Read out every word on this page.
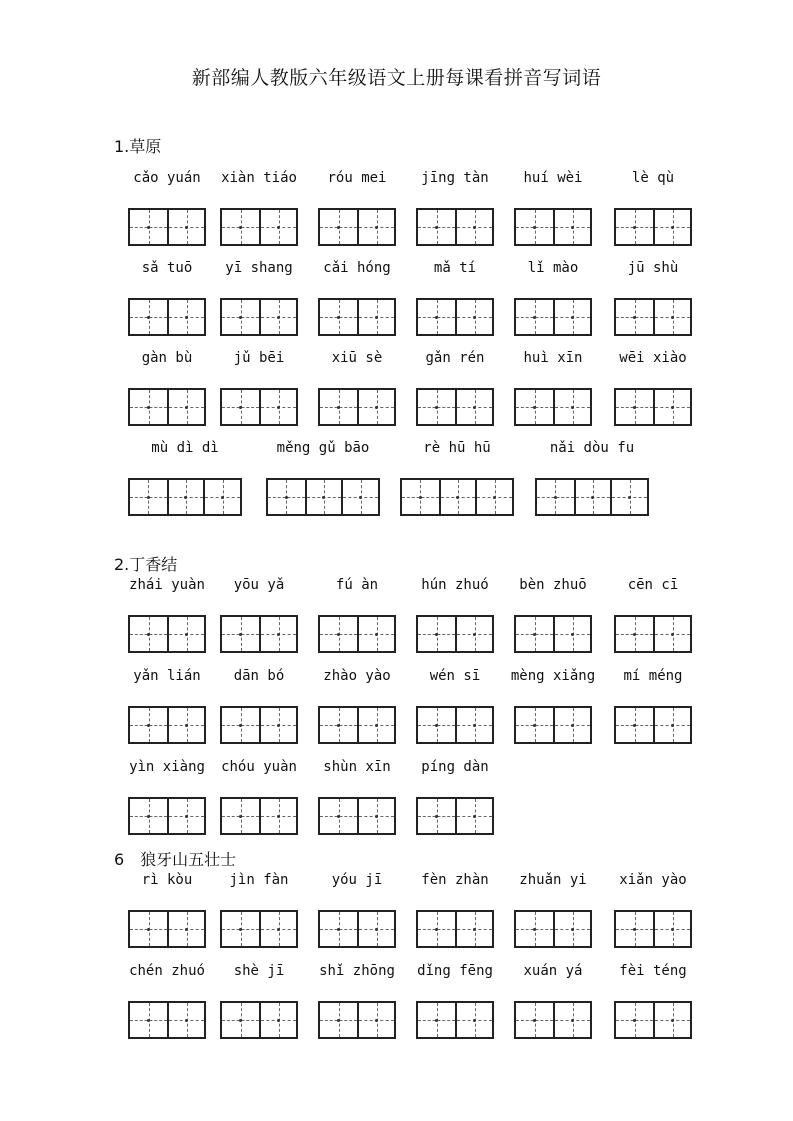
新部编人教版六年级语文上册每课看拼音写词语
1.草原
cǎo yuán	xiàn tiáo	róu mei	jīng tàn	huí wèi	lè qù
sǎ tuō	yī shang	cǎi hóng	mǎ tí	lǐ mào	jū shù
gàn bù	jǔ bēi	xiū sè	gǎn rén	huì xīn	wēi xiào
mù dì dì	měng gǔ bāo	rè hū hū	nǎi dòu fu
2.丁香结
zhái yuàn	yōu yǎ	fú àn	hún zhuó	bèn zhuō	cēn cī
yǎn lián	dān bó	zhào yào	wén sī	mèng xiǎng	mí méng
yìn xiàng	chóu yuàn	shùn xīn	píng dàn
6　狼牙山五壮士
rì kòu	jìn fàn	yóu jī	fèn zhàn	zhuǎn yi	xiǎn yào
chén zhuó	shè jī	shǐ zhōng	dǐng fēng	xuán yá	fèi téng
